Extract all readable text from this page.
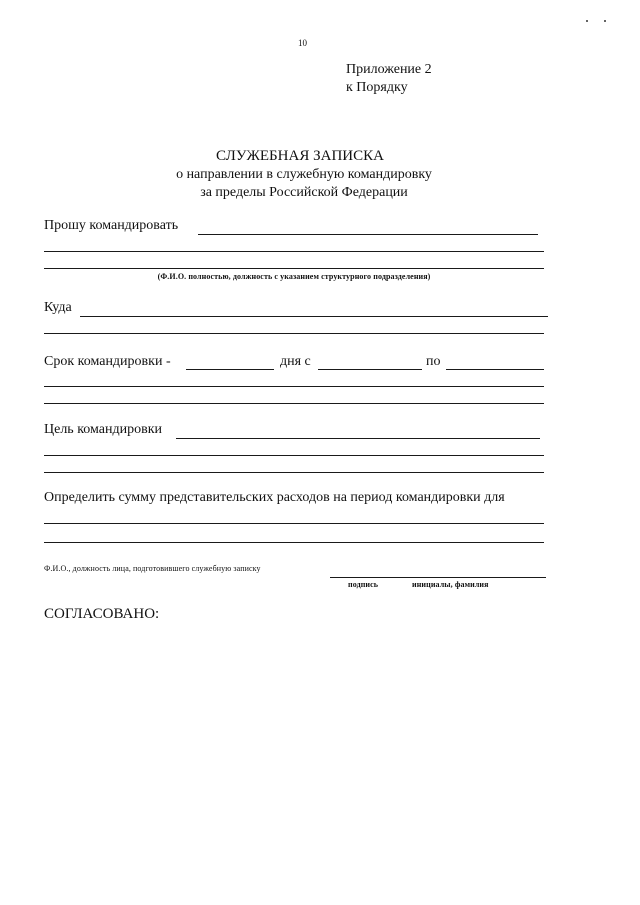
10
Приложение 2
к Порядку
СЛУЖЕБНАЯ ЗАПИСКА
о направлении в служебную командировку
за пределы Российской Федерации
Прошу командировать
(Ф.И.О. полностью, должность с указанием структурного подразделения)
Куда
Срок командировки -	дня с	по
Цель командировки
Определить сумму представительских расходов на период командировки для
Ф.И.О., должность лица, подготовившего служебную записку
подпись	инициалы, фамилия
СОГЛАСОВАНО:
